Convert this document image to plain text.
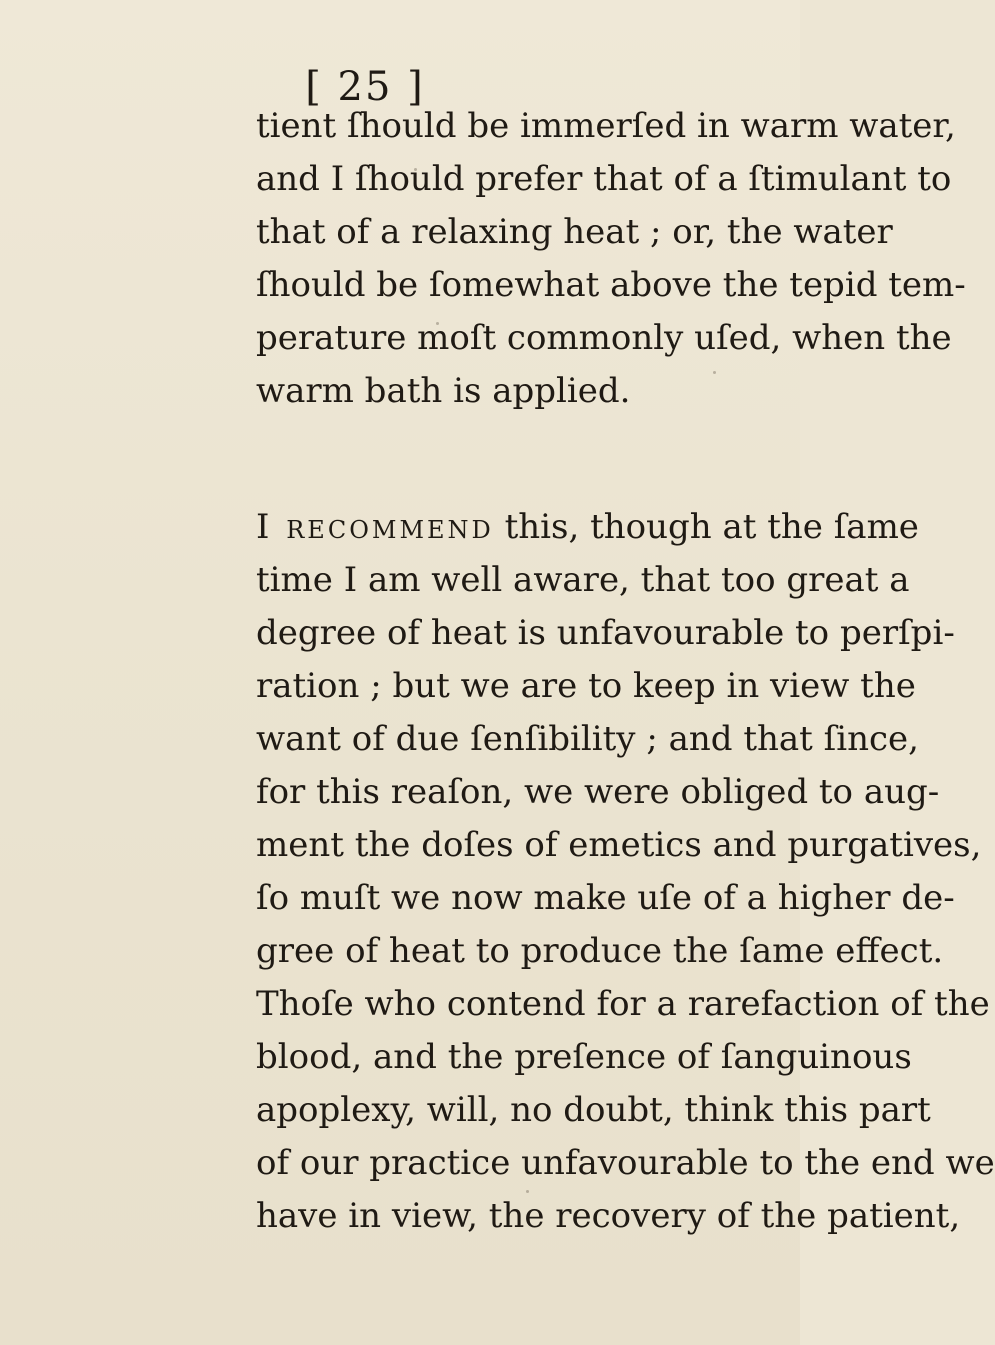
[ 25 ]
tient ſhould be immerſed in warm water,
and I ſhould prefer that of a ſtimulant to
that of a relaxing heat ; or, the water
ſhould be ſomewhat above the tepid tem-
perature moſt commonly uſed, when the
warm bath is applied.
I recommend this, though at the ſame
time I am well aware, that too great a
degree of heat is unfavourable to perſpi-
ration ; but we are to keep in view the
want of due ſenſibility ; and that ſince,
for this reaſon, we were obliged to aug-
ment the doſes of emetics and purgatives,
ſo muſt we now make uſe of a higher de-
gree of heat to produce the ſame effect.
Thoſe who contend for a rarefaction of the
blood, and the preſence of ſanguinous
apoplexy, will, no doubt, think this part
of our practice unfavourable to the end we
have in view, the recovery of the patient,
